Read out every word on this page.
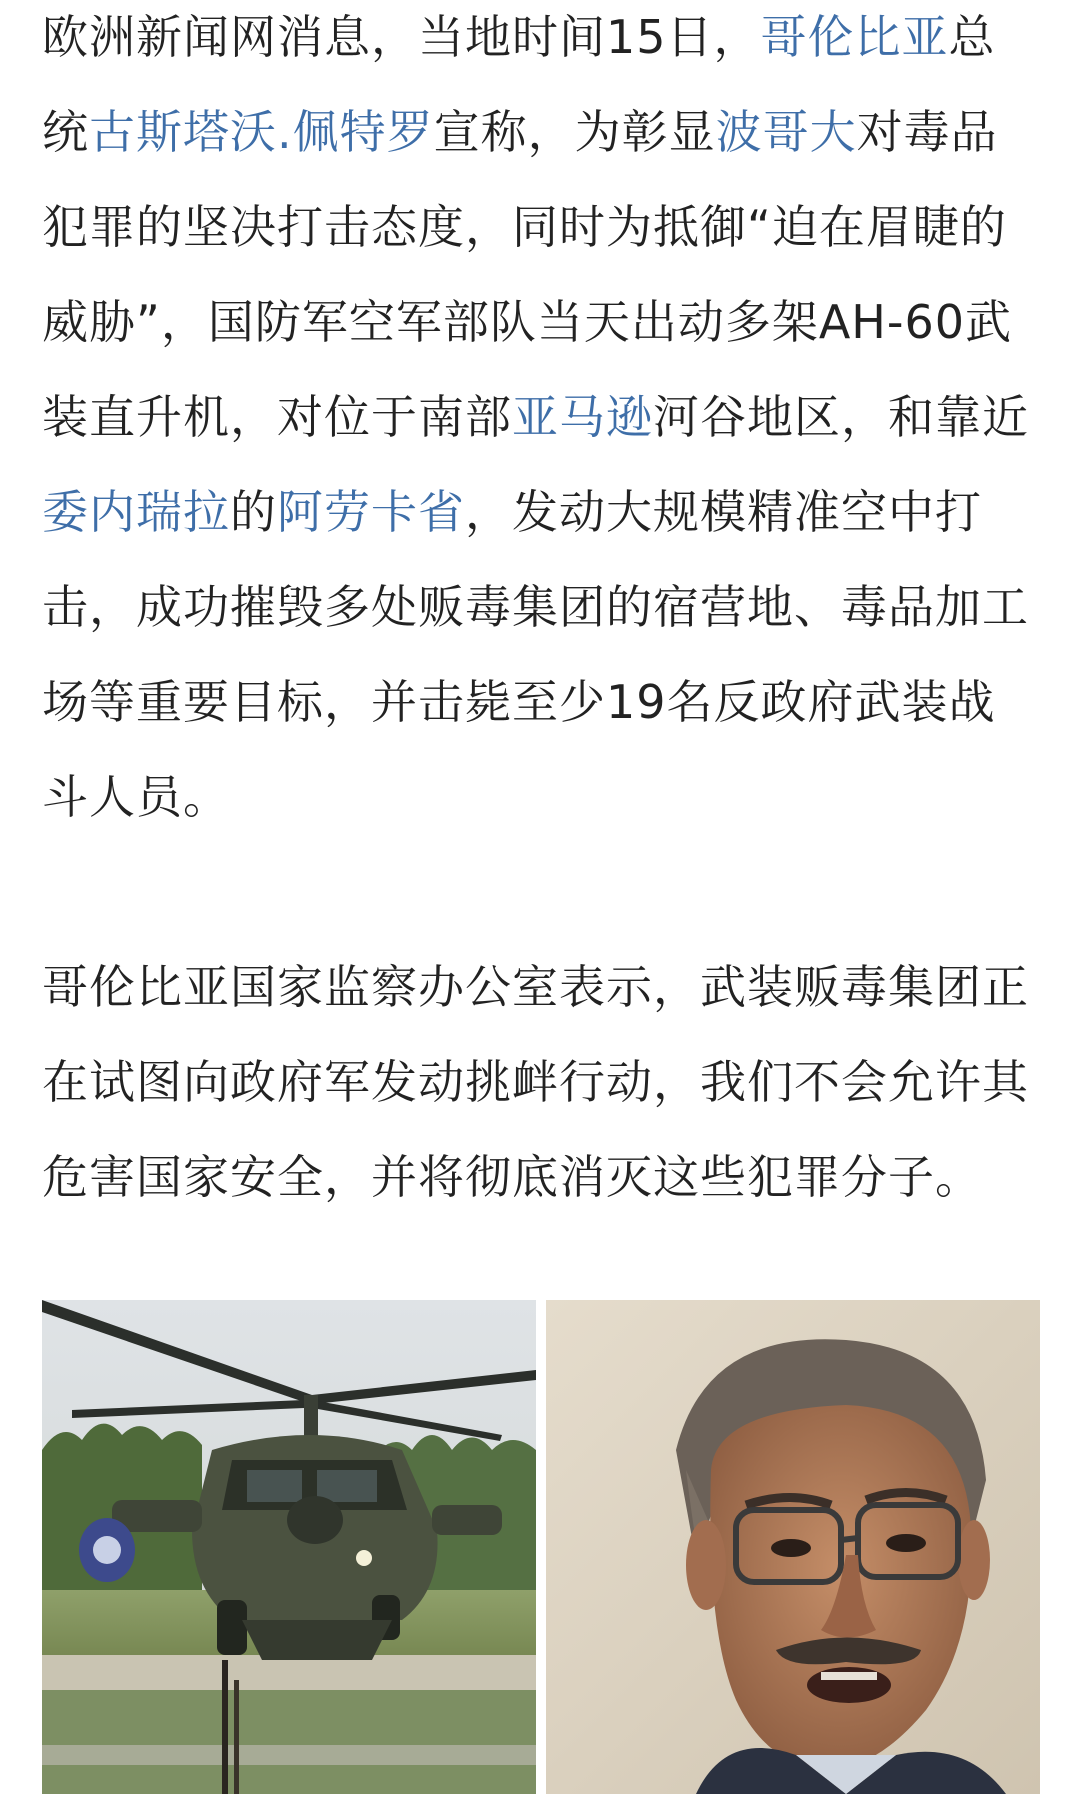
欧洲新闻网消息，当地时间15日，哥伦比亚总统古斯塔沃.佩特罗宣称，为彰显波哥大对毒品犯罪的坚决打击态度，同时为抵御“迫在眉睫的威胁”，国防军空军部队当天出动多架AH-60武装直升机，对位于南部亚马逊河谷地区，和靠近委内瑞拉的阿劳卡省，发动大规模精准空中打击，成功摧毁多处贩毒集团的宿营地、毒品加工场等重要目标，并击毙至少19名反政府武装战斗人员。

哥伦比亚国家监察办公室表示，武装贩毒集团正在试图向政府军发动挑衅行动，我们不会允许其危害国家安全，并将彻底消灭这些犯罪分子。
